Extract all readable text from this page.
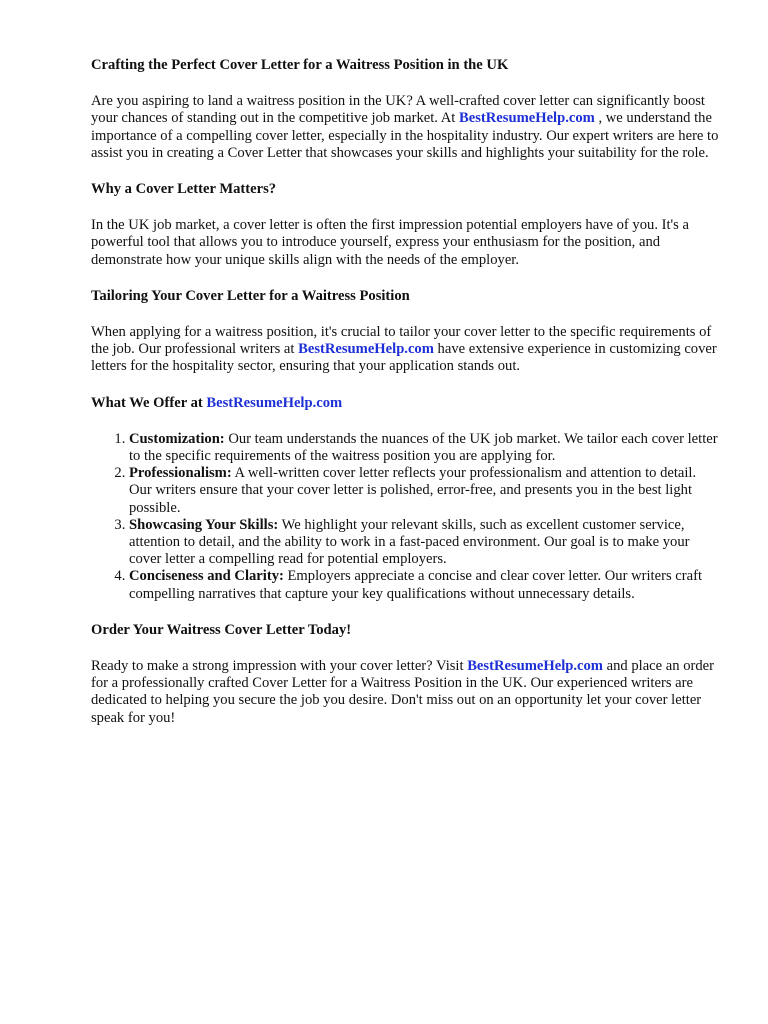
Crafting the Perfect Cover Letter for a Waitress Position in the UK

Are you aspiring to land a waitress position in the UK? A well-crafted cover letter can significantly boost your chances of standing out in the competitive job market. At BestResumeHelp.com , we understand the importance of a compelling cover letter, especially in the hospitality industry. Our expert writers are here to assist you in creating a Cover Letter that showcases your skills and highlights your suitability for the role.

Why a Cover Letter Matters?

In the UK job market, a cover letter is often the first impression potential employers have of you. It's a powerful tool that allows you to introduce yourself, express your enthusiasm for the position, and demonstrate how your unique skills align with the needs of the employer.

Tailoring Your Cover Letter for a Waitress Position

When applying for a waitress position, it's crucial to tailor your cover letter to the specific requirements of the job. Our professional writers at BestResumeHelp.com have extensive experience in customizing cover letters for the hospitality sector, ensuring that your application stands out.

What We Offer at BestResumeHelp.com
1. Customization: Our team understands the nuances of the UK job market. We tailor each cover letter to the specific requirements of the waitress position you are applying for.
2. Professionalism: A well-written cover letter reflects your professionalism and attention to detail. Our writers ensure that your cover letter is polished, error-free, and presents you in the best light possible.
3. Showcasing Your Skills: We highlight your relevant skills, such as excellent customer service, attention to detail, and the ability to work in a fast-paced environment. Our goal is to make your cover letter a compelling read for potential employers.
4. Conciseness and Clarity: Employers appreciate a concise and clear cover letter. Our writers craft compelling narratives that capture your key qualifications without unnecessary details.
Order Your Waitress Cover Letter Today!

Ready to make a strong impression with your cover letter? Visit BestResumeHelp.com and place an order for a professionally crafted Cover Letter for a Waitress Position in the UK. Our experienced writers are dedicated to helping you secure the job you desire. Don't miss out on an opportunity let your cover letter speak for you!
